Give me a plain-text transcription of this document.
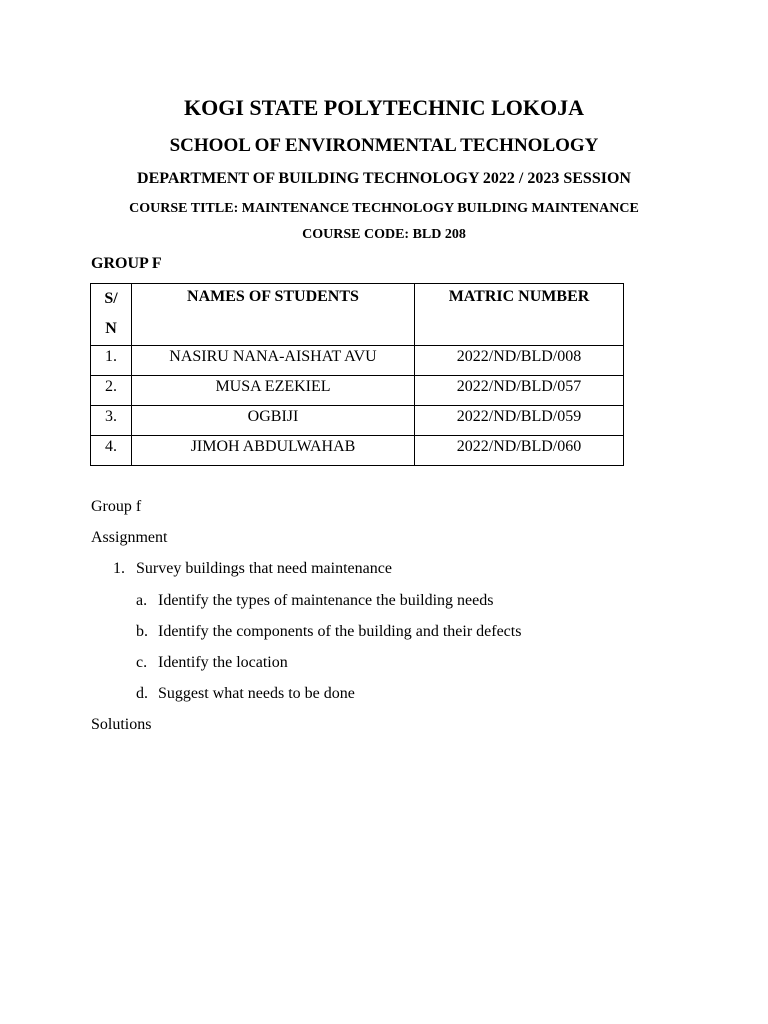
KOGI STATE POLYTECHNIC LOKOJA
SCHOOL OF ENVIRONMENTAL TECHNOLOGY
DEPARTMENT OF BUILDING TECHNOLOGY 2022 / 2023 SESSION
COURSE TITLE: MAINTENANCE TECHNOLOGY BUILDING MAINTENANCE
COURSE CODE: BLD 208
GROUP F
S/
N	NAMES OF STUDENTS	MATRIC NUMBER

1.	NASIRU NANA-AISHAT AVU	2022/ND/BLD/008

2.	MUSA EZEKIEL	2022/ND/BLD/057

3.	OGBIJI	2022/ND/BLD/059

4.	JIMOH ABDULWAHAB	2022/ND/BLD/060
Group f
Assignment
1. Survey buildings that need maintenance
a. Identify the types of maintenance the building needs
b. Identify the components of the building and their defects
c. Identify the location
d. Suggest what needs to be done
Solutions
